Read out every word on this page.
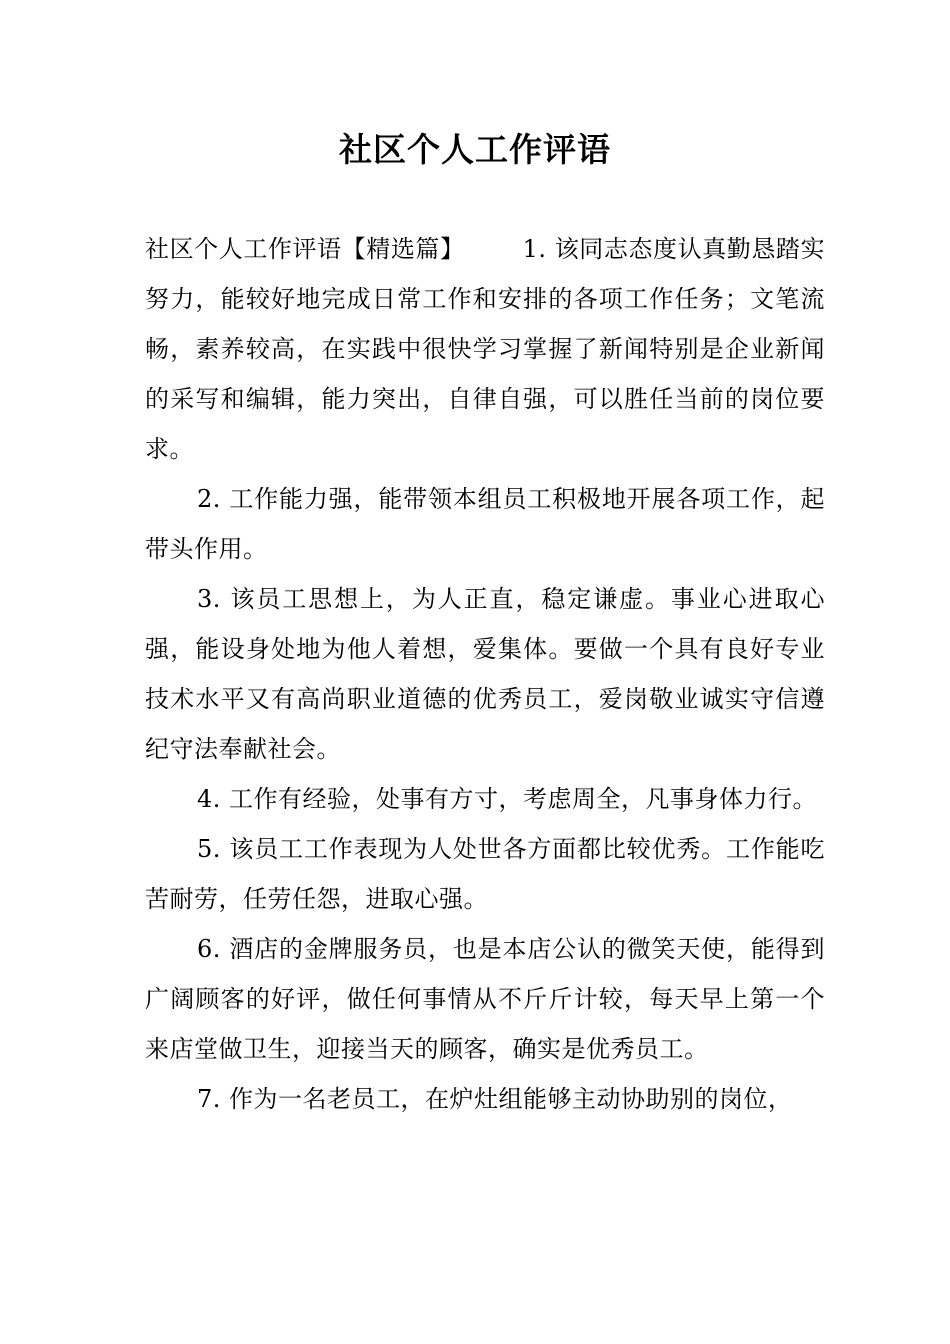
社区个人工作评语

社区个人工作评语【精选篇】 1. 该同志态度认真勤恳踏实努力，能较好地完成日常工作和安排的各项工作任务；文笔流畅，素养较高，在实践中很快学习掌握了新闻特别是企业新闻的采写和编辑，能力突出，自律自强，可以胜任当前的岗位要求。

2. 工作能力强，能带领本组员工积极地开展各项工作，起带头作用。

3. 该员工思想上，为人正直，稳定谦虚。事业心进取心强，能设身处地为他人着想，爱集体。要做一个具有良好专业技术水平又有高尚职业道德的优秀员工，爱岗敬业诚实守信遵纪守法奉献社会。

4. 工作有经验，处事有方寸，考虑周全，凡事身体力行。

5. 该员工工作表现为人处世各方面都比较优秀。工作能吃苦耐劳，任劳任怨，进取心强。

6. 酒店的金牌服务员，也是本店公认的微笑天使，能得到广阔顾客的好评，做任何事情从不斤斤计较，每天早上第一个来店堂做卫生，迎接当天的顾客，确实是优秀员工。

7. 作为一名老员工，在炉灶组能够主动协助别的岗位，
